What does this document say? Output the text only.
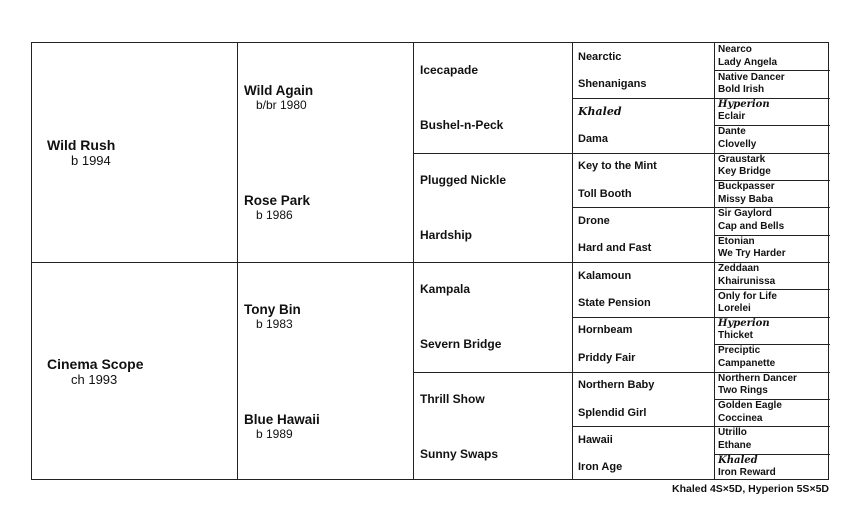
Wild Rush
b 1994
Cinema Scope
ch 1993
Wild Again
b/br 1980
Rose Park
b 1986
Tony Bin
b 1983
Blue Hawaii
b 1989
Icecapade
Bushel-n-Peck
Plugged Nickle
Hardship
Kampala
Severn Bridge
Thrill Show
Sunny Swaps
Nearctic
Shenanigans
Khaled
Dama
Key to the Mint
Toll Booth
Drone
Hard and Fast
Kalamoun
State Pension
Hornbeam
Priddy Fair
Northern Baby
Splendid Girl
Hawaii
Iron Age
Nearco
Lady Angela
Native Dancer
Bold Irish
Hyperion
Eclair
Dante
Clovelly
Graustark
Key Bridge
Buckpasser
Missy Baba
Sir Gaylord
Cap and Bells
Etonian
We Try Harder
Zeddaan
Khairunissa
Only for Life
Lorelei
Hyperion
Thicket
Preciptic
Campanette
Northern Dancer
Two Rings
Golden Eagle
Coccinea
Utrillo
Ethane
Khaled
Iron Reward
Khaled 4S×5D, Hyperion 5S×5D
